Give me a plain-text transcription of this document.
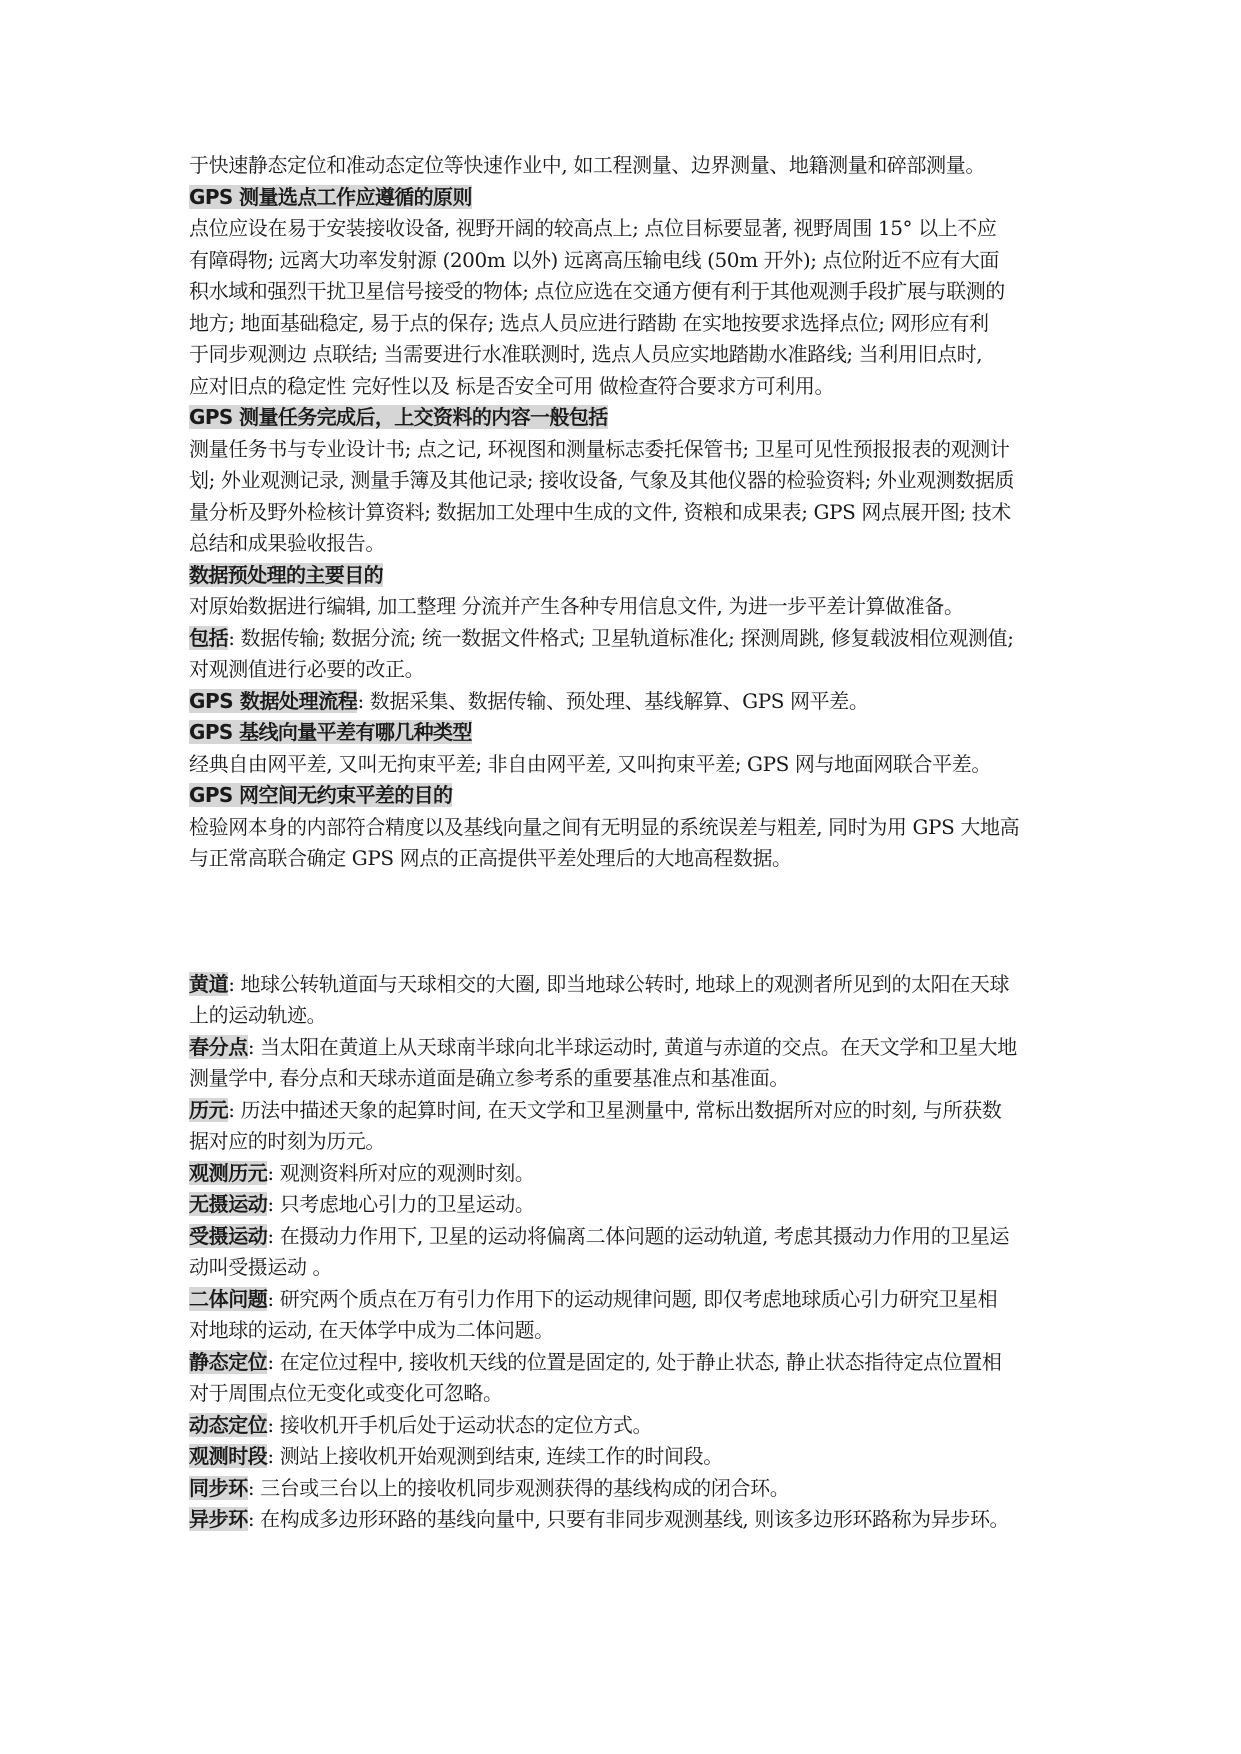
于快速静态定位和准动态定位等快速作业中, 如工程测量、边界测量、地籍测量和碎部测量。
GPS 测量选点工作应遵循的原则
点位应设在易于安装接收设备, 视野开阔的较高点上; 点位目标要显著, 视野周围 15° 以上不应
有障碍物; 远离大功率发射源 (200m 以外) 远离高压输电线 (50m 开外); 点位附近不应有大面
积水域和强烈干扰卫星信号接受的物体; 点位应选在交通方便有利于其他观测手段扩展与联测的
地方; 地面基础稳定, 易于点的保存; 选点人员应进行踏勘 在实地按要求选择点位; 网形应有利
于同步观测边 点联结; 当需要进行水准联测时, 选点人员应实地踏勘水准路线; 当利用旧点时,
应对旧点的稳定性 完好性以及 标是否安全可用 做检查符合要求方可利用。
GPS 测量任务完成后，上交资料的内容一般包括
测量任务书与专业设计书; 点之记, 环视图和测量标志委托保管书; 卫星可见性预报报表的观测计
划; 外业观测记录, 测量手簿及其他记录; 接收设备, 气象及其他仪器的检验资料; 外业观测数据质
量分析及野外检核计算资料; 数据加工处理中生成的文件, 资粮和成果表; GPS 网点展开图; 技术
总结和成果验收报告。
数据预处理的主要目的
对原始数据进行编辑, 加工整理 分流并产生各种专用信息文件, 为进一步平差计算做准备。
包括: 数据传输; 数据分流; 统一数据文件格式; 卫星轨道标准化; 探测周跳, 修复载波相位观测值;
对观测值进行必要的改正。
GPS 数据处理流程: 数据采集、数据传输、预处理、基线解算、GPS 网平差。
GPS 基线向量平差有哪几种类型
经典自由网平差, 又叫无拘束平差; 非自由网平差, 又叫拘束平差; GPS 网与地面网联合平差。
GPS 网空间无约束平差的目的
检验网本身的内部符合精度以及基线向量之间有无明显的系统误差与粗差, 同时为用 GPS 大地高
与正常高联合确定 GPS 网点的正高提供平差处理后的大地高程数据。
黄道: 地球公转轨道面与天球相交的大圈, 即当地球公转时, 地球上的观测者所见到的太阳在天球
上的运动轨迹。
春分点: 当太阳在黄道上从天球南半球向北半球运动时, 黄道与赤道的交点。在天文学和卫星大地
测量学中, 春分点和天球赤道面是确立参考系的重要基准点和基准面。
历元: 历法中描述天象的起算时间, 在天文学和卫星测量中, 常标出数据所对应的时刻, 与所获数
据对应的时刻为历元。
观测历元: 观测资料所对应的观测时刻。
无摄运动: 只考虑地心引力的卫星运动。
受摄运动: 在摄动力作用下, 卫星的运动将偏离二体问题的运动轨道, 考虑其摄动力作用的卫星运
动叫受摄运动 。
二体问题: 研究两个质点在万有引力作用下的运动规律问题, 即仅考虑地球质心引力研究卫星相
对地球的运动, 在天体学中成为二体问题。
静态定位: 在定位过程中, 接收机天线的位置是固定的, 处于静止状态, 静止状态指待定点位置相
对于周围点位无变化或变化可忽略。
动态定位: 接收机开手机后处于运动状态的定位方式。
观测时段: 测站上接收机开始观测到结束, 连续工作的时间段。
同步环: 三台或三台以上的接收机同步观测获得的基线构成的闭合环。
异步环: 在构成多边形环路的基线向量中, 只要有非同步观测基线, 则该多边形环路称为异步环。
